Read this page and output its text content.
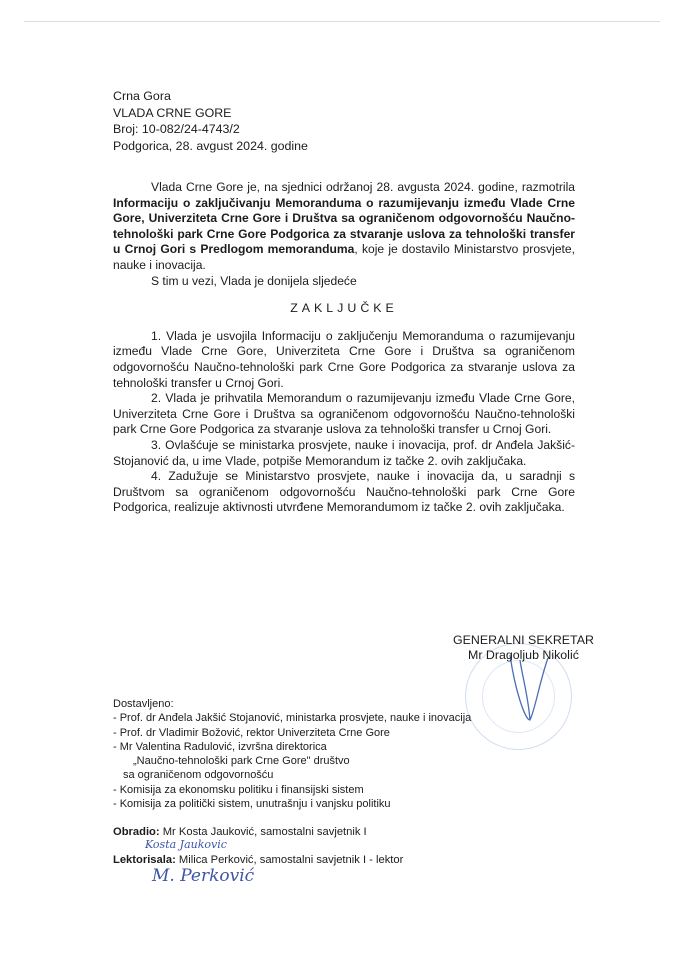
Crna Gora
VLADA CRNE GORE
Broj: 10-082/24-4743/2
Podgorica, 28. avgust 2024. godine

Vlada Crne Gore je, na sjednici održanoj 28. avgusta 2024. godine, razmotrila Informaciju o zaključivanju Memoranduma o razumijevanju između Vlade Crne Gore, Univerziteta Crne Gore i Društva sa ograničenom odgovornošću Naučno-tehnološki park Crne Gore Podgorica za stvaranje uslova za tehnološki transfer u Crnoj Gori s Predlogom memoranduma, koje je dostavilo Ministarstvo prosvjete, nauke i inovacija.

S tim u vezi, Vlada je donijela sljedeće

ZAKLJUČKE

1. Vlada je usvojila Informaciju o zaključenju Memoranduma o razumijevanju između Vlade Crne Gore, Univerziteta Crne Gore i Društva sa ograničenom odgovornošću Naučno-tehnološki park Crne Gore Podgorica za stvaranje uslova za tehnološki transfer u Crnoj Gori.

2. Vlada je prihvatila Memorandum o razumijevanju između Vlade Crne Gore, Univerziteta Crne Gore i Društva sa ograničenom odgovornošću Naučno-tehnološki park Crne Gore Podgorica za stvaranje uslova za tehnološki transfer u Crnoj Gori.

3. Ovlašćuje se ministarka prosvjete, nauke i inovacija, prof. dr Anđela Jakšić-Stojanović da, u ime Vlade, potpiše Memorandum iz tačke 2. ovih zaključaka.

4. Zadužuje se Ministarstvo prosvjete, nauke i inovacija da, u saradnji s Društvom sa ograničenom odgovornošću Naučno-tehnološki park Crne Gore Podgorica, realizuje aktivnosti utvrđene Memorandumom iz tačke 2. ovih zaključaka.

GENERALNI SEKRETAR
Mr Dragoljub Nikolić
Dostavljeno:
- Prof. dr Anđela Jakšić Stojanović, ministarka prosvjete, nauke i inovacija
- Prof. dr Vladimir Božović, rektor Univerziteta Crne Gore
- Mr Valentina Radulović, izvršna direktorica
„Naučno-tehnološki park Crne Gore" društvo
sa ograničenom odgovornošću
- Komisija za ekonomsku politiku i finansijski sistem
- Komisija za politički sistem, unutrašnju i vanjsku politiku
Obradio: Mr Kosta Jauković, samostalni savjetnik I
Kosta Jaukovic
Lektorisala: Milica Perković, samostalni savjetnik I - lektor
M. Perković
